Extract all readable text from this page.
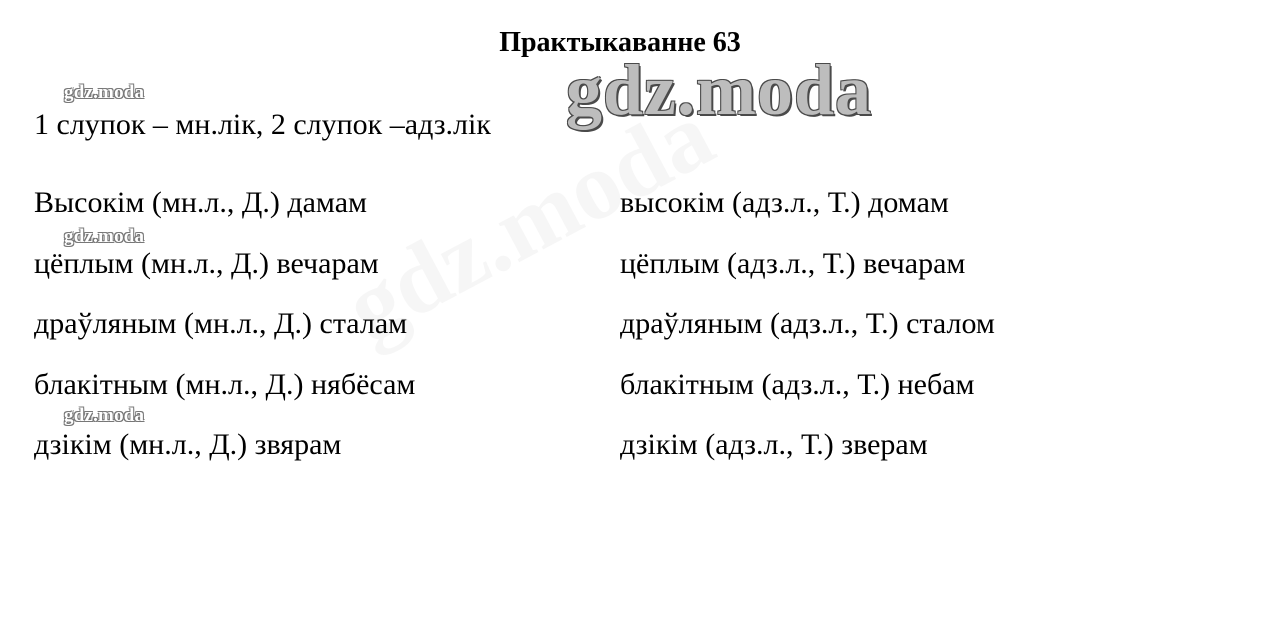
Практыкаванне 63
gdz.moda
gdz.moda
gdz.moda
1 слупок – мн.лік, 2 слупок –адз.лік gdz.moda
Высокім (мн.л., Д.) дамам
цёплым (мн.л., Д.) вечарам
драўляным (мн.л., Д.) сталам
блакітным (мн.л., Д.) нябёсам
дзікім (мн.л., Д.) звярам
высокім (адз.л., Т.) домам
цёплым (адз.л., Т.) вечарам
драўляным (адз.л., Т.) сталом
блакітным (адз.л., Т.) небам
дзікім (адз.л., Т.) зверам
